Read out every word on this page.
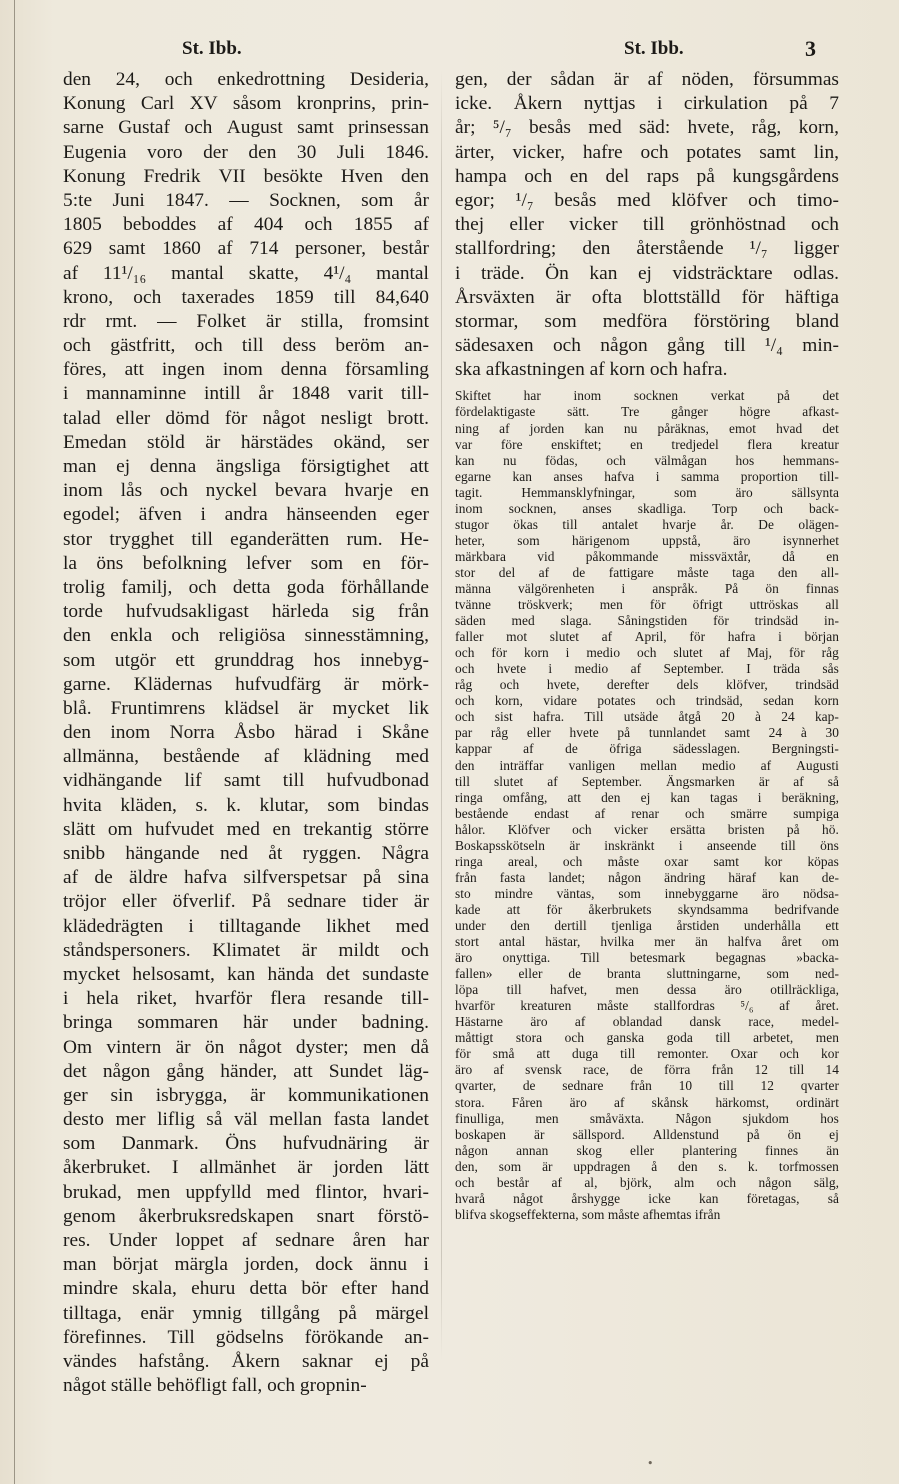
St. Ibb.	St. Ibb.	3
den 24, och enkedrottning Desideria,
Konung Carl XV såsom kronprins, prin-
sarne Gustaf och August samt prinsessan
Eugenia voro der den 30 Juli 1846.
Konung Fredrik VII besökte Hven den
5:te Juni 1847. — Socknen, som år
1805 beboddes af 404 och 1855 af
629 samt 1860 af 714 personer, består
af 11¹/₁₆ mantal skatte, 4¹/₄ mantal
krono, och taxerades 1859 till 84,640
rdr rmt. — Folket är stilla, fromsint
och gästfritt, och till dess beröm an-
föres, att ingen inom denna församling
i mannaminne intill år 1848 varit till-
talad eller dömd för något nesligt brott.
Emedan stöld är härstädes okänd, ser
man ej denna ängsliga försigtighet att
inom lås och nyckel bevara hvarje en
egodel; äfven i andra hänseenden eger
stor trygghet till eganderätten rum. He-
la öns befolkning lefver som en för-
trolig familj, och detta goda förhållande
torde hufvudsakligast härleda sig från
den enkla och religiösa sinnesstämning,
som utgör ett grunddrag hos innebyg-
garne. Klädernas hufvudfärg är mörk-
blå. Fruntimrens klädsel är mycket lik
den inom Norra Åsbo härad i Skåne
allmänna, bestående af klädning med
vidhängande lif samt till hufvudbonad
hvita kläden, s. k. klutar, som bindas
slätt om hufvudet med en trekantig större
snibb hängande ned åt ryggen. Några
af de äldre hafva silfverspetsar på sina
tröjor eller öfverlif. På sednare tider är
klädedrägten i tilltagande likhet med
ståndspersoners. Klimatet är mildt och
mycket helsosamt, kan hända det sundaste
i hela riket, hvarför flera resande till-
bringa sommaren här under badning.
Om vintern är ön något dyster; men då
det någon gång händer, att Sundet läg-
ger sin isbrygga, är kommunikationen
desto mer liflig så väl mellan fasta landet
som Danmark. Öns hufvudnäring är
åkerbruket. I allmänhet är jorden lätt
brukad, men uppfylld med flintor, hvari-
genom åkerbruksredskapen snart förstö-
res. Under loppet af sednare åren har
man börjat märgla jorden, dock ännu i
mindre skala, ehuru detta bör efter hand
tilltaga, enär ymnig tillgång på märgel
förefinnes. Till gödselns förökande an-
vändes hafstång. Åkern saknar ej på
något ställe behöfligt fall, och gropnin-
gen, der sådan är af nöden, försummas
icke. Åkern nyttjas i cirkulation på 7
år; ⁵/₇ besås med säd: hvete, råg, korn,
ärter, vicker, hafre och potates samt lin,
hampa och en del raps på kungsgårdens
egor; ¹/₇ besås med klöfver och timo-
thej eller vicker till grönhöstnad och
stallfordring; den återstående ¹/₇ ligger
i träde. Ön kan ej vidsträcktare odlas.
Årsväxten är ofta blottställd för häftiga
stormar, som medföra förstöring bland
sädesaxen och någon gång till ¹/₄ min-
ska afkastningen af korn och hafra.
Skiftet har inom socknen verkat på det
fördelaktigaste sätt. Tre gånger högre afkast-
ning af jorden kan nu påräknas, emot hvad det
var före enskiftet; en tredjedel flera kreatur
kan nu födas, och välmågan hos hemmans-
egarne kan anses hafva i samma proportion till-
tagit.	Hemmansklyfningar,	som	äro	sällsynta
inom socknen, anses skadliga. Torp och back-
stugor ökas till antalet hvarje år. De olägen-
heter, som härigenom uppstå, äro isynnerhet
märkbara vid påkommande missväxtår, då en
stor del af de fattigare måste taga den all-
männa välgörenheten i anspråk. På ön finnas
tvänne tröskverk; men för öfrigt uttröskas all
säden med slaga. Såningstiden för trindsäd in-
faller mot slutet af April, för hafra i början
och för korn i medio och slutet af Maj, för råg
och hvete i medio af September. I träda sås
råg och hvete, derefter dels klöfver, trindsäd
och korn, vidare potates och trindsäd, sedan korn
och sist hafra. Till utsäde åtgå 20 à 24 kap-
par råg eller hvete på tunnlandet samt 24 à 30
kappar af de öfriga sädesslagen. Bergningsti-
den inträffar vanligen mellan medio af Augusti
till slutet af September. Ängsmarken är af så
ringa omfång, att den ej kan tagas i beräkning,
bestående endast af renar och smärre sumpiga
hålor. Klöfver och vicker ersätta bristen på hö.
Boskapsskötseln är inskränkt i anseende till öns
ringa areal, och måste oxar samt kor köpas
från fasta landet; någon ändring häraf kan de-
sto mindre väntas, som innebyggarne äro nödsa-
kade att för åkerbrukets skyndsamma bedrifvande
under den dertill tjenliga årstiden underhålla ett
stort antal hästar, hvilka mer än halfva året om
äro onyttiga. Till betesmark begagnas »backa-
fallen» eller de branta sluttningarne, som ned-
löpa till hafvet, men dessa äro otillräckliga,
hvarför kreaturen måste stallfordras ⁵/₆ af året.
Hästarne äro af oblandad dansk race, medel-
måttigt stora och ganska goda till arbetet, men
för små att duga till remonter. Oxar och kor
äro af svensk race, de förra från 12 till 14
qvarter, de sednare från 10 till 12 qvarter
stora. Fåren äro af skånsk härkomst, ordinärt
finulliga, men småväxta. Någon sjukdom hos
boskapen är sällspord. Alldenstund på ön ej
någon annan skog eller plantering finnes än
den, som är uppdragen å den s. k. torfmossen
och består af al, björk, alm och någon sälg,
hvarå något årshygge icke kan företagas, så
blifva skogseffekterna, som måste afhemtas ifrån
•
